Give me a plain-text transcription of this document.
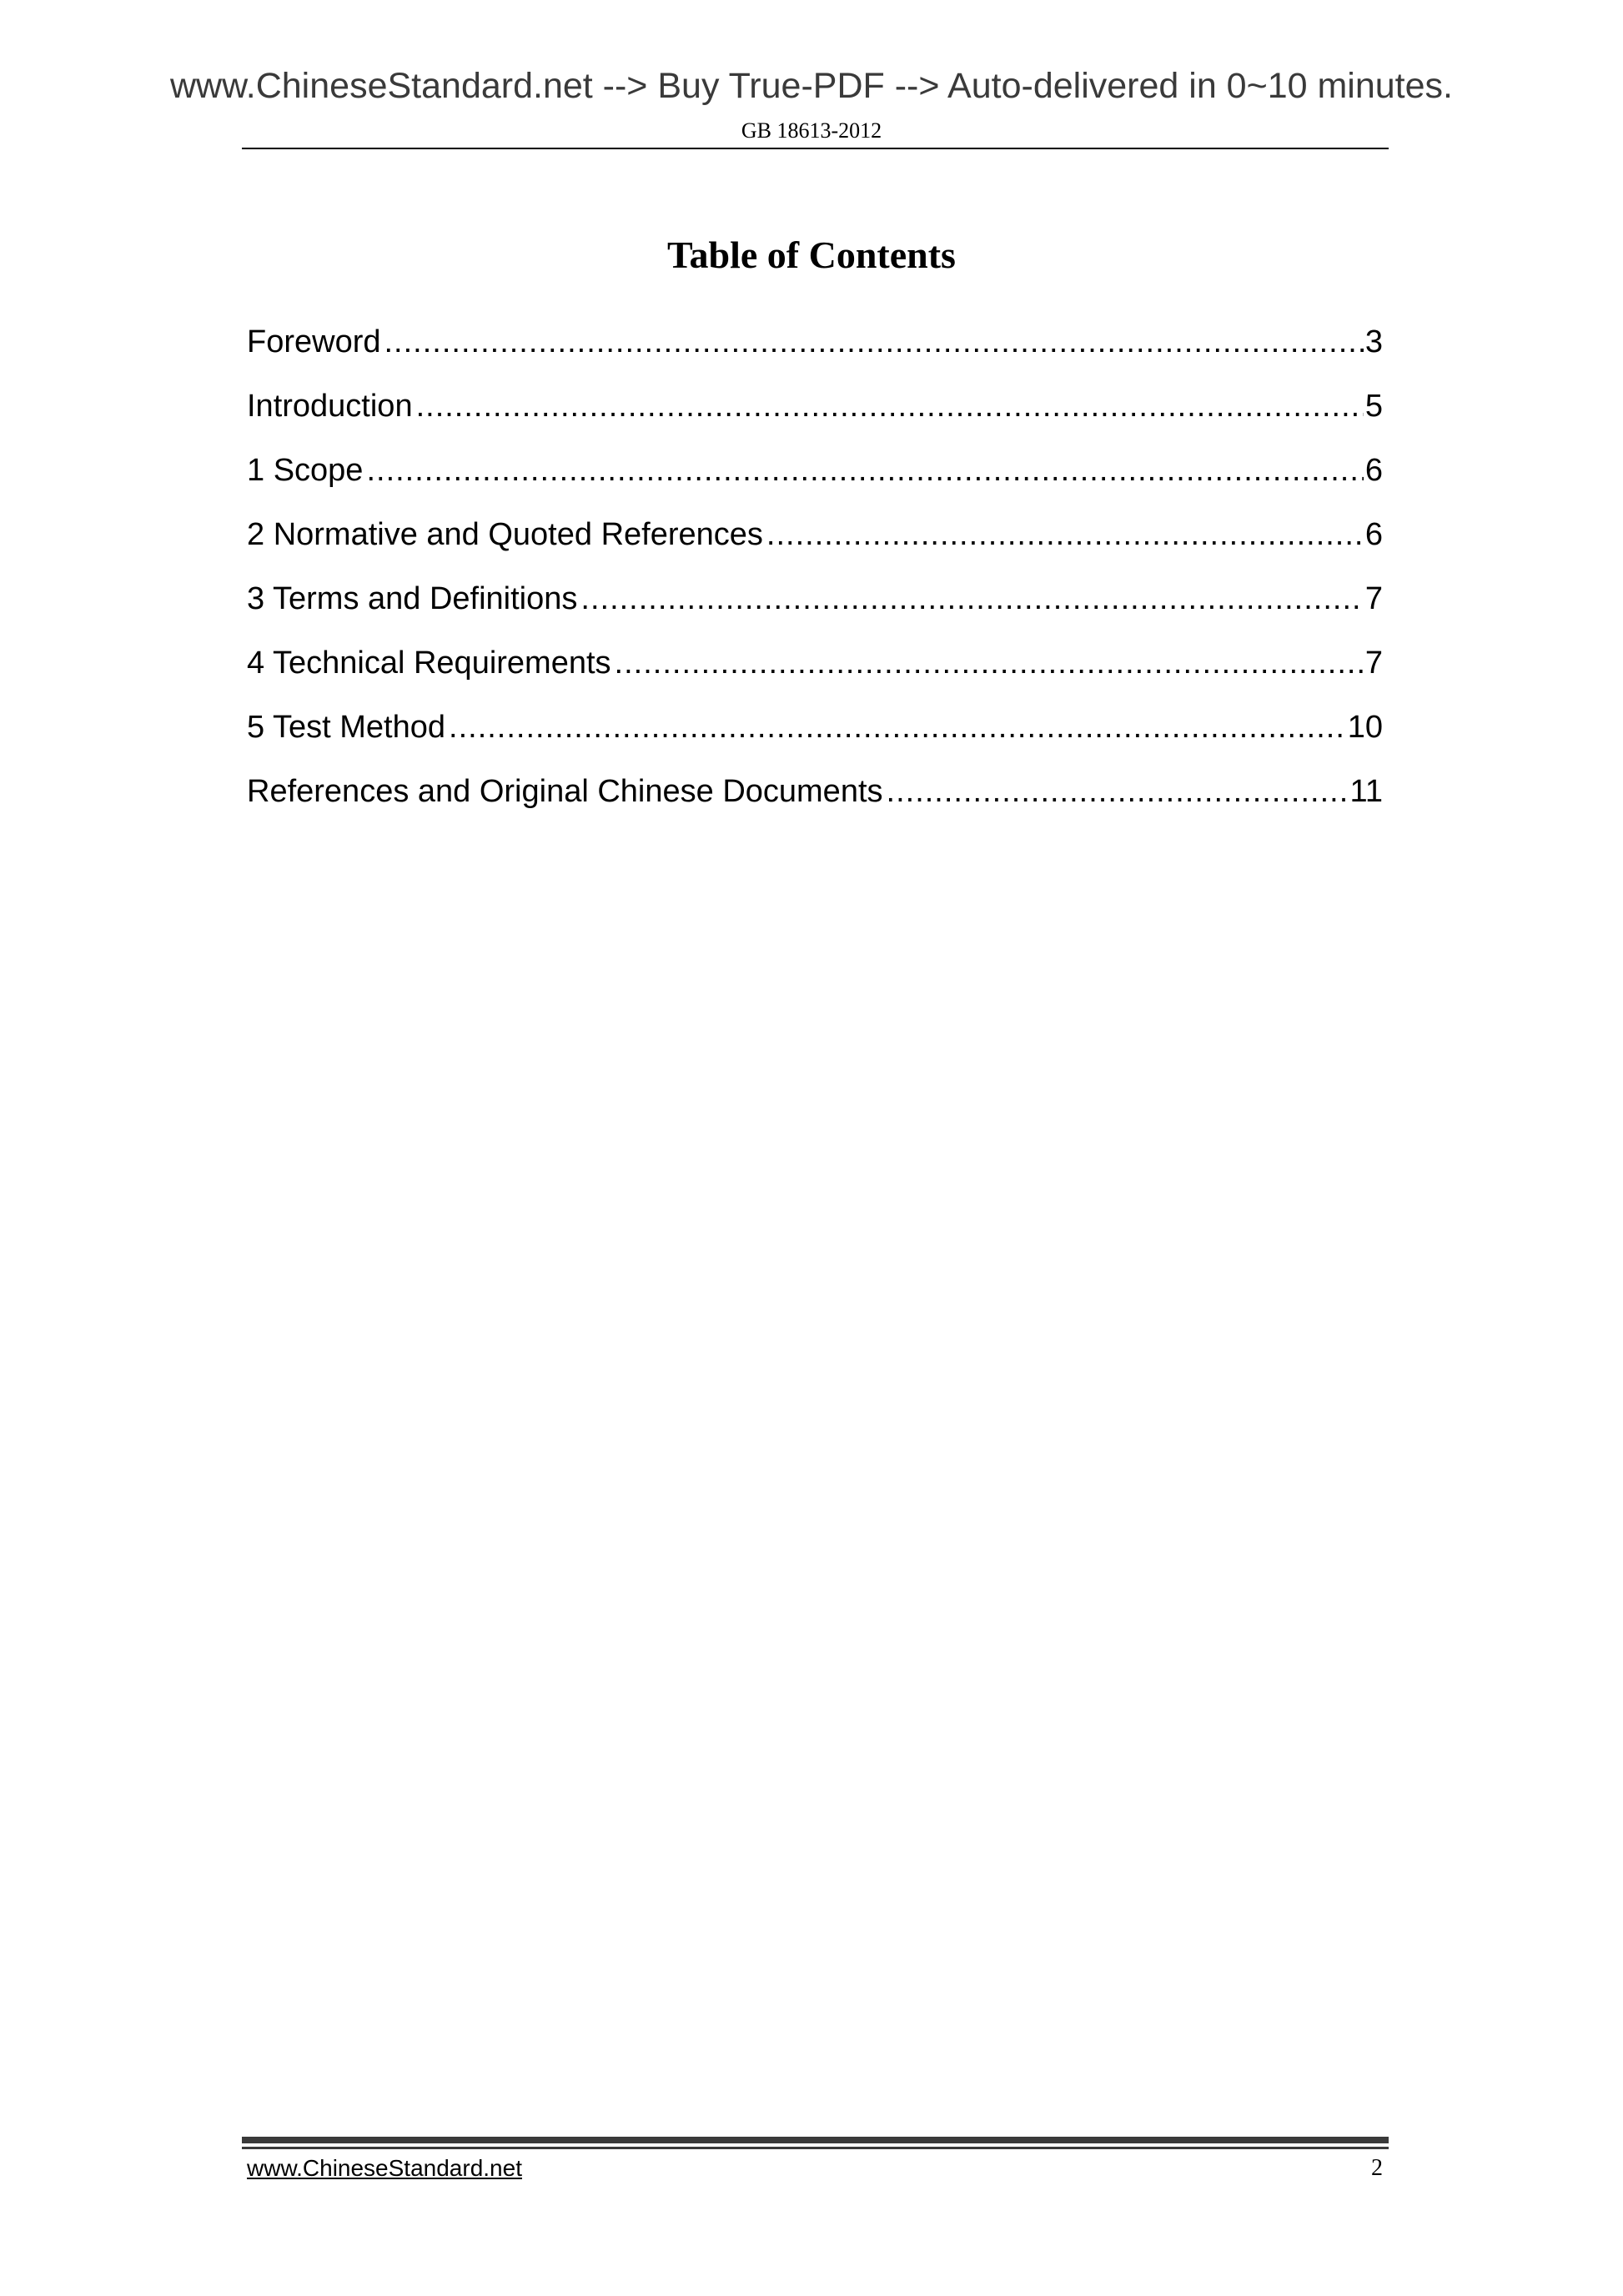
www.ChineseStandard.net --> Buy True-PDF --> Auto-delivered in 0~10 minutes.
GB 18613-2012
Table of Contents
Foreword .....	3
Introduction .....	5
1 Scope .....	6
2 Normative and Quoted References .....	6
3 Terms and Definitions .....	7
4 Technical Requirements .....	7
5 Test Method .....	10
References and Original Chinese Documents .....	11
www.ChineseStandard.net	2
